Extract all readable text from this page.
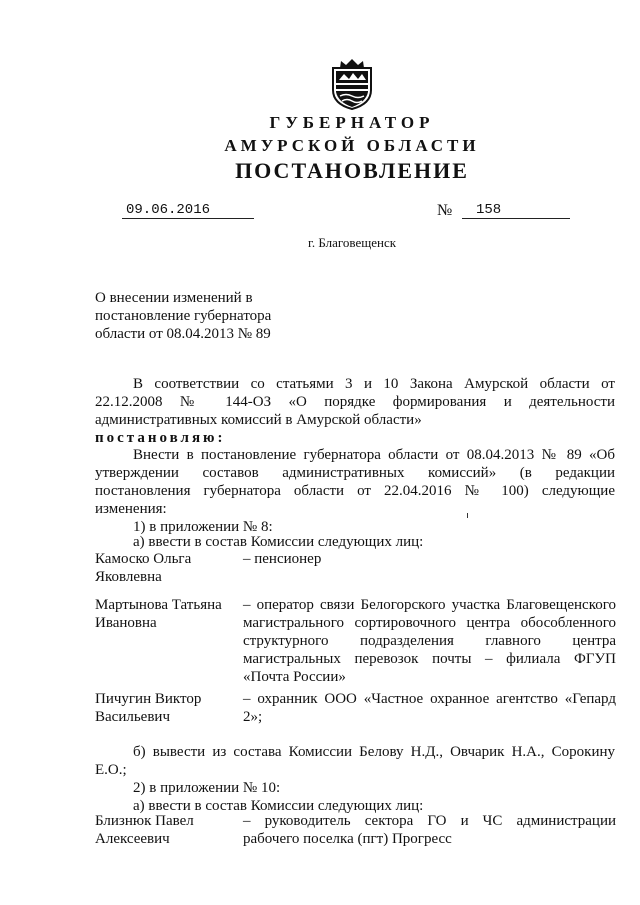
ГУБЕРНАТОР
АМУРСКОЙ ОБЛАСТИ
ПОСТАНОВЛЕНИЕ
09.06.2016	№ 158
г. Благовещенск
О внесении изменений в
постановление губернатора
области от 08.04.2013 № 89
В соответствии со статьями 3 и 10 Закона Амурской области от
22.12.2008 № 144-ОЗ «О порядке формирования и деятельности
административных комиссий в Амурской области»
постановляю:
Внести в постановление губернатора области от 08.04.2013 № 89 «Об
утверждении составов административных комиссий» (в редакции
постановления губернатора области от 22.04.2016 № 100) следующие
изменения:
1) в приложении № 8:
а) ввести в состав Комиссии следующих лиц:
Камоско Ольга
Яковлевна
– пенсионер
Мартынова Татьяна
Ивановна
– оператор связи Белогорского участка Благовещенского
магистрального сортировочного центра обособленного
структурного подразделения главного центра
магистральных перевозок почты – филиала ФГУП
«Почта России»
Пичугин Виктор
Васильевич
– охранник ООО «Частное охранное агентство «Гепард
2»;
б) вывести из состава Комиссии Белову Н.Д., Овчарик Н.А., Сорокину
Е.О.;
2) в приложении № 10:
а) ввести в состав Комиссии следующих лиц:
Близнюк Павел
Алексеевич
– руководитель сектора ГО и ЧС администрации
рабочего поселка (пгт) Прогресс
